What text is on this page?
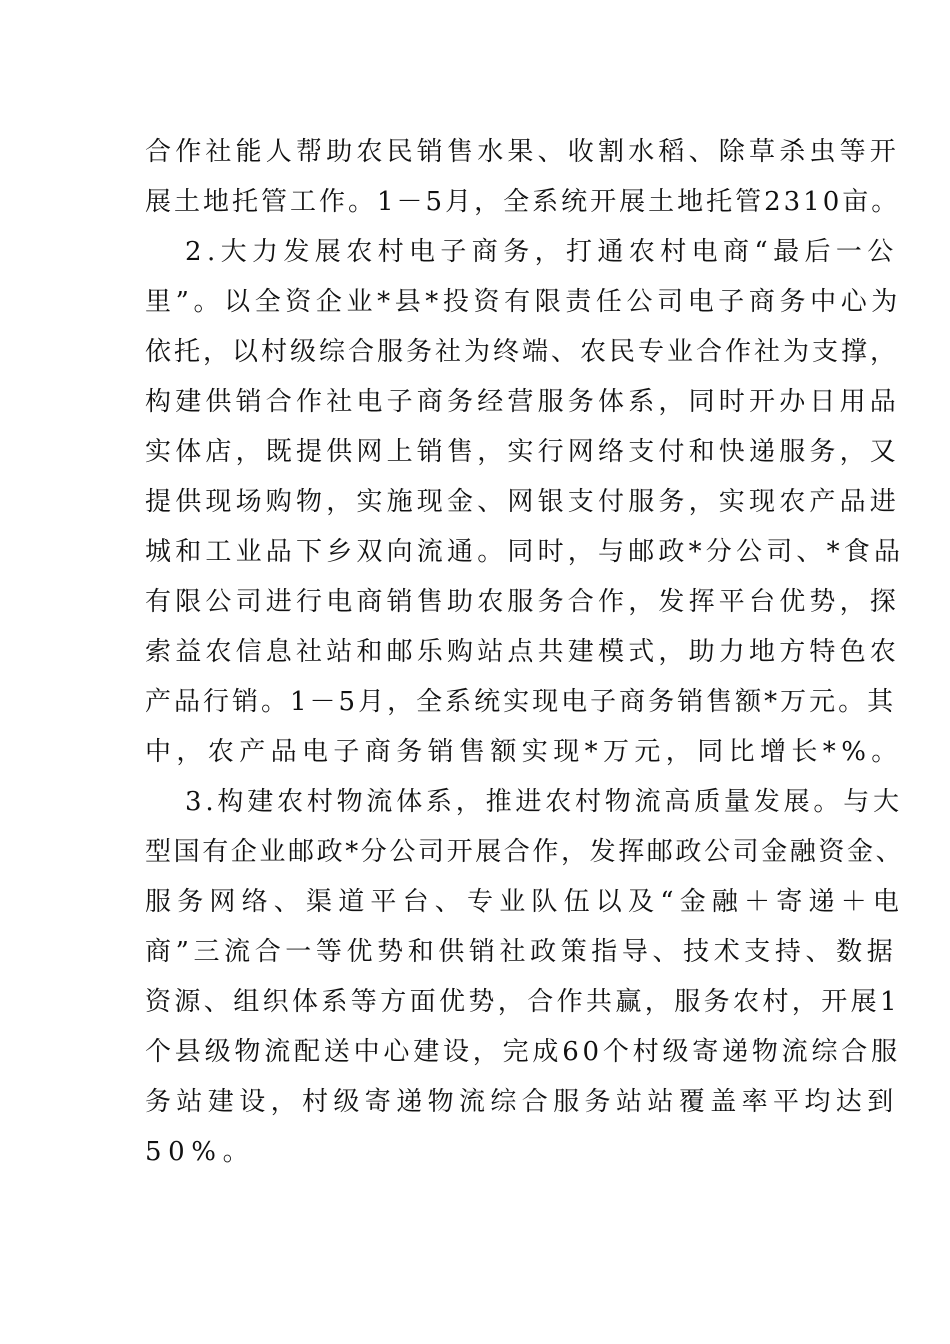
合作社能人帮助农民销售水果、收割水稻、除草杀虫等开
展土地托管工作。1－5月，全系统开展土地托管2310亩。
2.大力发展农村电子商务，打通农村电商“最后一公
里”。以全资企业*县*投资有限责任公司电子商务中心为
依托，以村级综合服务社为终端、农民专业合作社为支撑，
构建供销合作社电子商务经营服务体系，同时开办日用品
实体店，既提供网上销售，实行网络支付和快递服务，又
提供现场购物，实施现金、网银支付服务，实现农产品进
城和工业品下乡双向流通。同时，与邮政*分公司、*食品
有限公司进行电商销售助农服务合作，发挥平台优势，探
索益农信息社站和邮乐购站点共建模式，助力地方特色农
产品行销。1－5月，全系统实现电子商务销售额*万元。其
中，农产品电子商务销售额实现*万元，同比增长*%。
3.构建农村物流体系，推进农村物流高质量发展。与大
型国有企业邮政*分公司开展合作，发挥邮政公司金融资金、
服务网络、渠道平台、专业队伍以及“金融＋寄递＋电
商”三流合一等优势和供销社政策指导、技术支持、数据
资源、组织体系等方面优势，合作共赢，服务农村，开展1
个县级物流配送中心建设，完成60个村级寄递物流综合服
务站建设，村级寄递物流综合服务站站覆盖率平均达到
50%。
